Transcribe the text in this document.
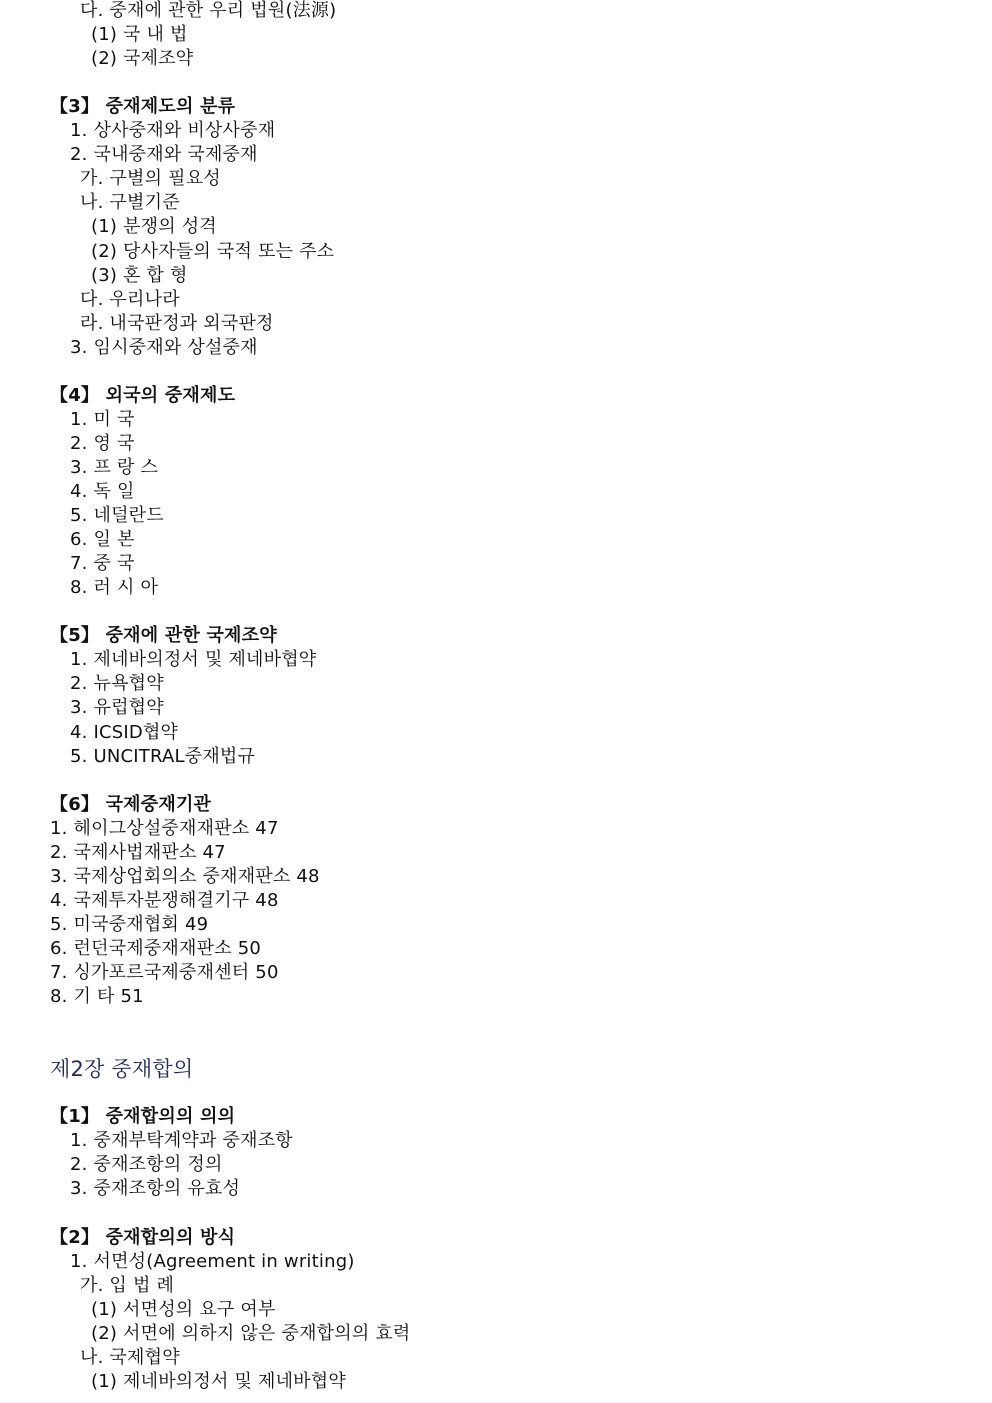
다. 중재에 관한 우리 법원(法源)
(1) 국 내 법
(2) 국제조약
【3】 중재제도의 분류
1. 상사중재와 비상사중재
2. 국내중재와 국제중재
가. 구별의 필요성
나. 구별기준
(1) 분쟁의 성격
(2) 당사자들의 국적 또는 주소
(3) 혼 합 형
다. 우리나라
라. 내국판정과 외국판정
3. 임시중재와 상설중재
【4】 외국의 중재제도
1. 미 국
2. 영 국
3. 프 랑 스
4. 독 일
5. 네덜란드
6. 일 본
7. 중 국
8. 러 시 아
【5】 중재에 관한 국제조약
1. 제네바의정서 및 제네바협약
2. 뉴욕협약
3. 유럽협약
4. ICSID협약
5. UNCITRAL중재법규
【6】 국제중재기관
1. 헤이그상설중재재판소 47
2. 국제사법재판소 47
3. 국제상업회의소 중재재판소 48
4. 국제투자분쟁해결기구 48
5. 미국중재협회 49
6. 런던국제중재재판소 50
7. 싱가포르국제중재센터 50
8. 기 타 51
제2장 중재합의
【1】 중재합의의 의의
1. 중재부탁계약과 중재조항
2. 중재조항의 정의
3. 중재조항의 유효성
【2】 중재합의의 방식
1. 서면성(Agreement in writing)
가. 입 법 례
(1) 서면성의 요구 여부
(2) 서면에 의하지 않은 중재합의의 효력
나. 국제협약
(1) 제네바의정서 및 제네바협약
